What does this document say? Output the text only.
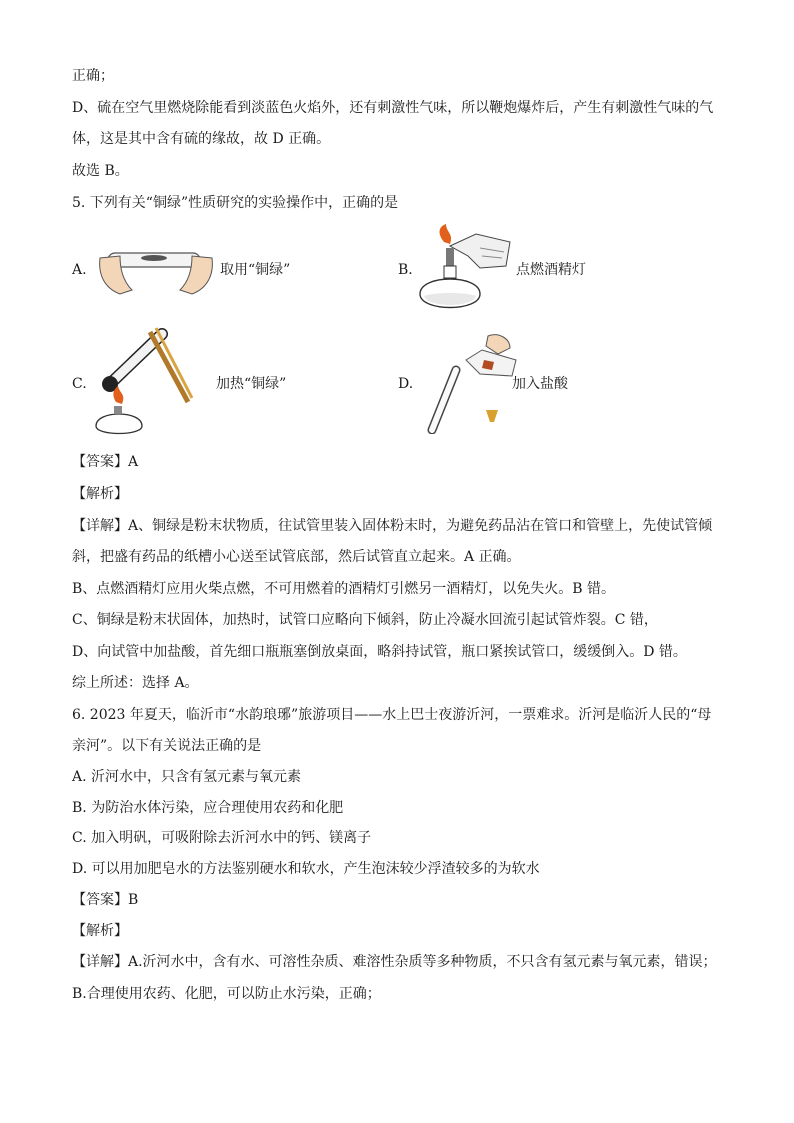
正确；
D、硫在空气里燃烧除能看到淡蓝色火焰外，还有刺激性气味，所以鞭炮爆炸后，产生有刺激性气味的气
体，这是其中含有硫的缘故，故 D 正确。
故选 B。
5. 下列有关“铜绿”性质研究的实验操作中，正确的是
A.	取用“铜绿”	B.	点燃酒精灯
C.	加热“铜绿”	D.	加入盐酸
【答案】A
【解析】
【详解】A、铜绿是粉末状物质，往试管里装入固体粉末时，为避免药品沾在管口和管壁上，先使试管倾
斜，把盛有药品的纸槽小心送至试管底部，然后试管直立起来。A 正确。
B、点燃酒精灯应用火柴点燃，不可用燃着的酒精灯引燃另一酒精灯，以免失火。B 错。
C、铜绿是粉末状固体，加热时，试管口应略向下倾斜，防止冷凝水回流引起试管炸裂。C 错，
D、向试管中加盐酸，首先细口瓶瓶塞倒放桌面，略斜持试管，瓶口紧挨试管口，缓缓倒入。D 错。
综上所述：选择 A。
6. 2023 年夏天，临沂市“水韵琅琊”旅游项目——水上巴士夜游沂河，一票难求。沂河是临沂人民的“母
亲河”。以下有关说法正确的是
A. 沂河水中，只含有氢元素与氧元素
B. 为防治水体污染，应合理使用农药和化肥
C. 加入明矾，可吸附除去沂河水中的钙、镁离子
D. 可以用加肥皂水的方法鉴别硬水和软水，产生泡沫较少浮渣较多的为软水
【答案】B
【解析】
【详解】A.沂河水中，含有水、可溶性杂质、难溶性杂质等多种物质，不只含有氢元素与氧元素，错误；
B.合理使用农药、化肥，可以防止水污染，正确；
